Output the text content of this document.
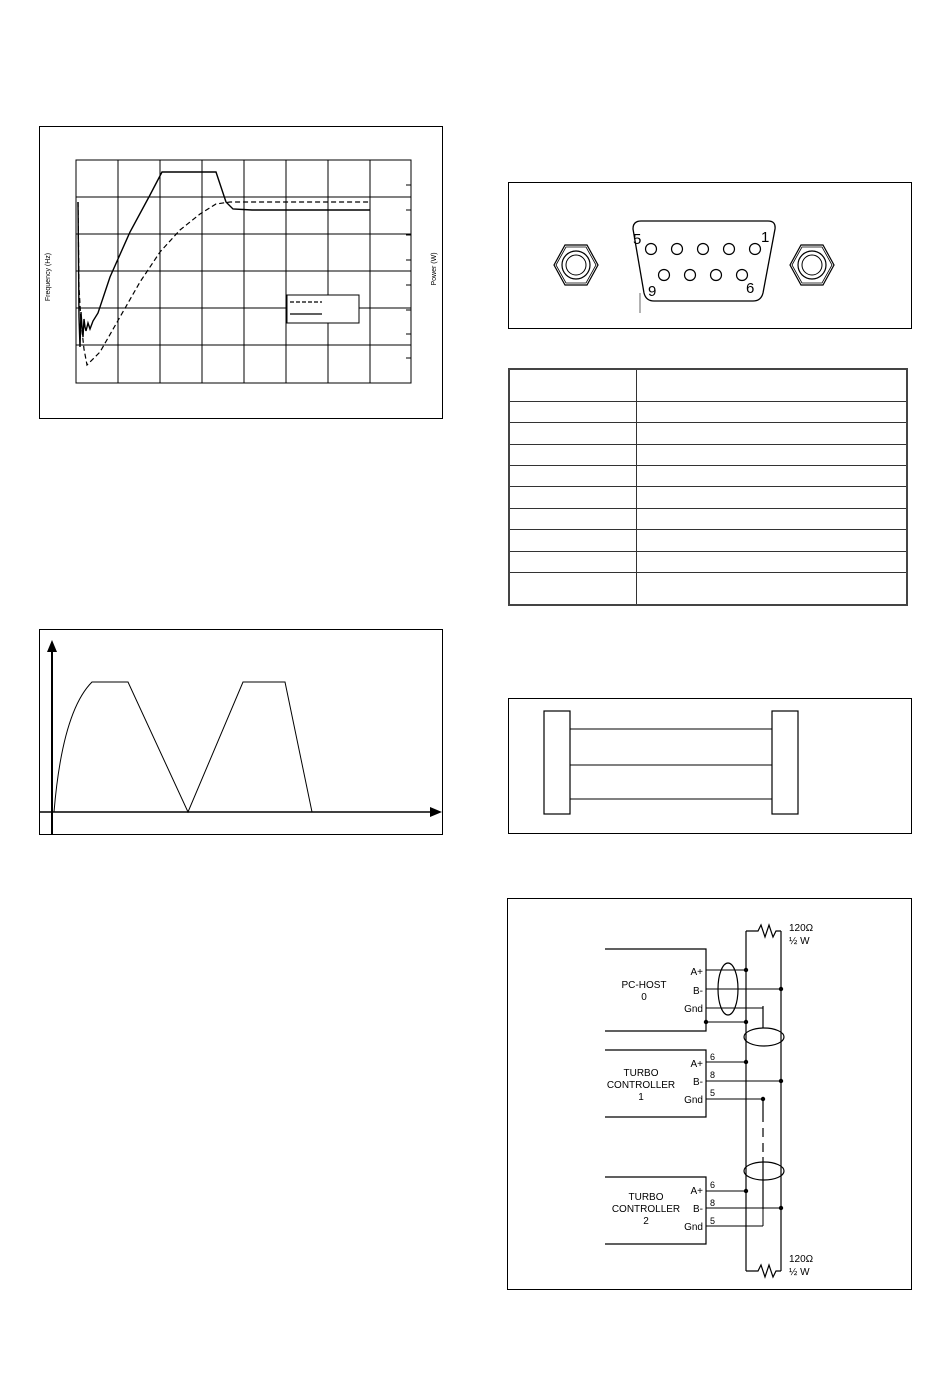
Frequency (Hz)	Power (W)
5	1
9	6

120Ω
½ W
120Ω
½ W
PC-HOST
0
A+
B-
Gnd
TURBO
CONTROLLER
1
A+
B-
Gnd
6
8
5
TURBO
CONTROLLER
2
A+
B-
Gnd
6
8
5
